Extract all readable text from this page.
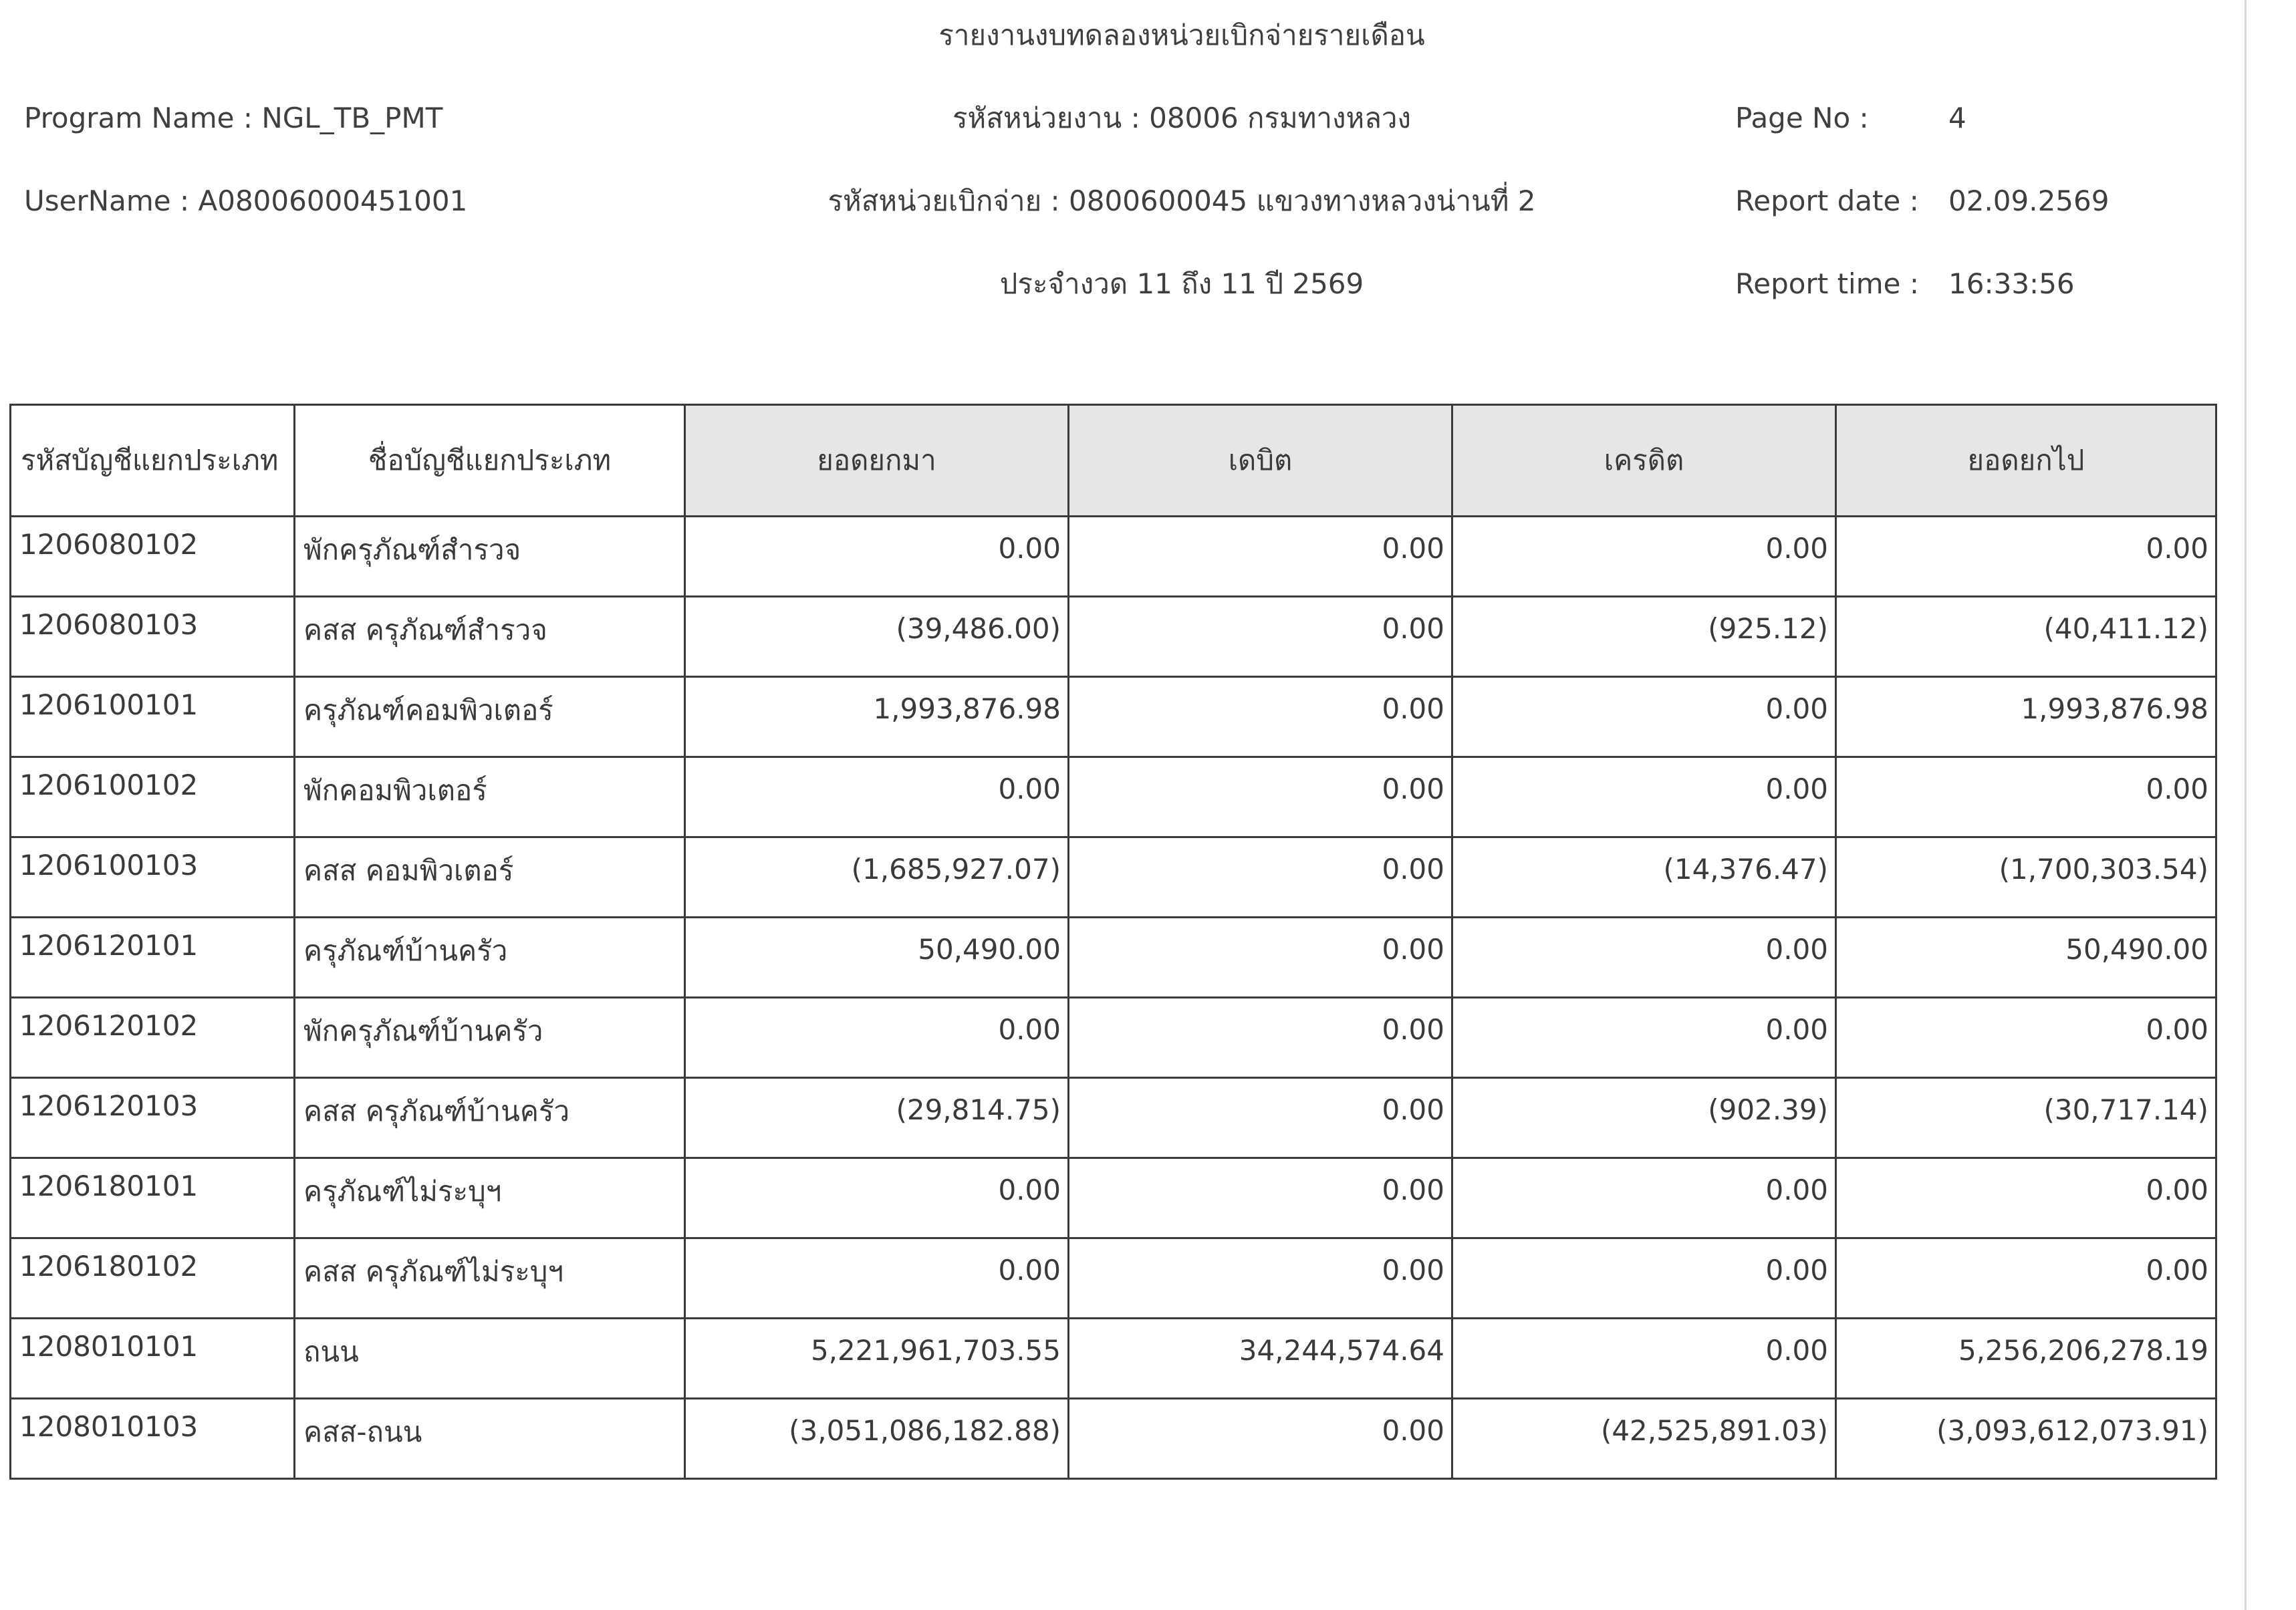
รายงานงบทดลองหน่วยเบิกจ่ายรายเดือน
Program Name : NGL_TB_PMT
UserName : A08006000451001
รหัสหน่วยงาน : 08006 กรมทางหลวง
รหัสหน่วยเบิกจ่าย : 0800600045 แขวงทางหลวงน่านที่ 2
ประจำงวด 11 ถึง 11 ปี 2569
Page No :	4
Report date : 02.09.2569
Report time : 16:33:56
รหัสบัญชีแยกประเภท	ชื่อบัญชีแยกประเภท	ยอดยกมา	เดบิต	เครดิต	ยอดยกไป
1206080102	พักครุภัณฑ์สำรวจ	0.00	0.00	0.00	0.00
1206080103	คสส ครุภัณฑ์สำรวจ	(39,486.00)	0.00	(925.12)	(40,411.12)
1206100101	ครุภัณฑ์คอมพิวเตอร์	1,993,876.98	0.00	0.00	1,993,876.98
1206100102	พักคอมพิวเตอร์	0.00	0.00	0.00	0.00
1206100103	คสส คอมพิวเตอร์	(1,685,927.07)	0.00	(14,376.47)	(1,700,303.54)
1206120101	ครุภัณฑ์บ้านครัว	50,490.00	0.00	0.00	50,490.00
1206120102	พักครุภัณฑ์บ้านครัว	0.00	0.00	0.00	0.00
1206120103	คสส ครุภัณฑ์บ้านครัว	(29,814.75)	0.00	(902.39)	(30,717.14)
1206180101	ครุภัณฑ์ไม่ระบุฯ	0.00	0.00	0.00	0.00
1206180102	คสส ครุภัณฑ์ไม่ระบุฯ	0.00	0.00	0.00	0.00
1208010101	ถนน	5,221,961,703.55	34,244,574.64	0.00	5,256,206,278.19
1208010103	คสส-ถนน	(3,051,086,182.88)	0.00	(42,525,891.03)	(3,093,612,073.91)
